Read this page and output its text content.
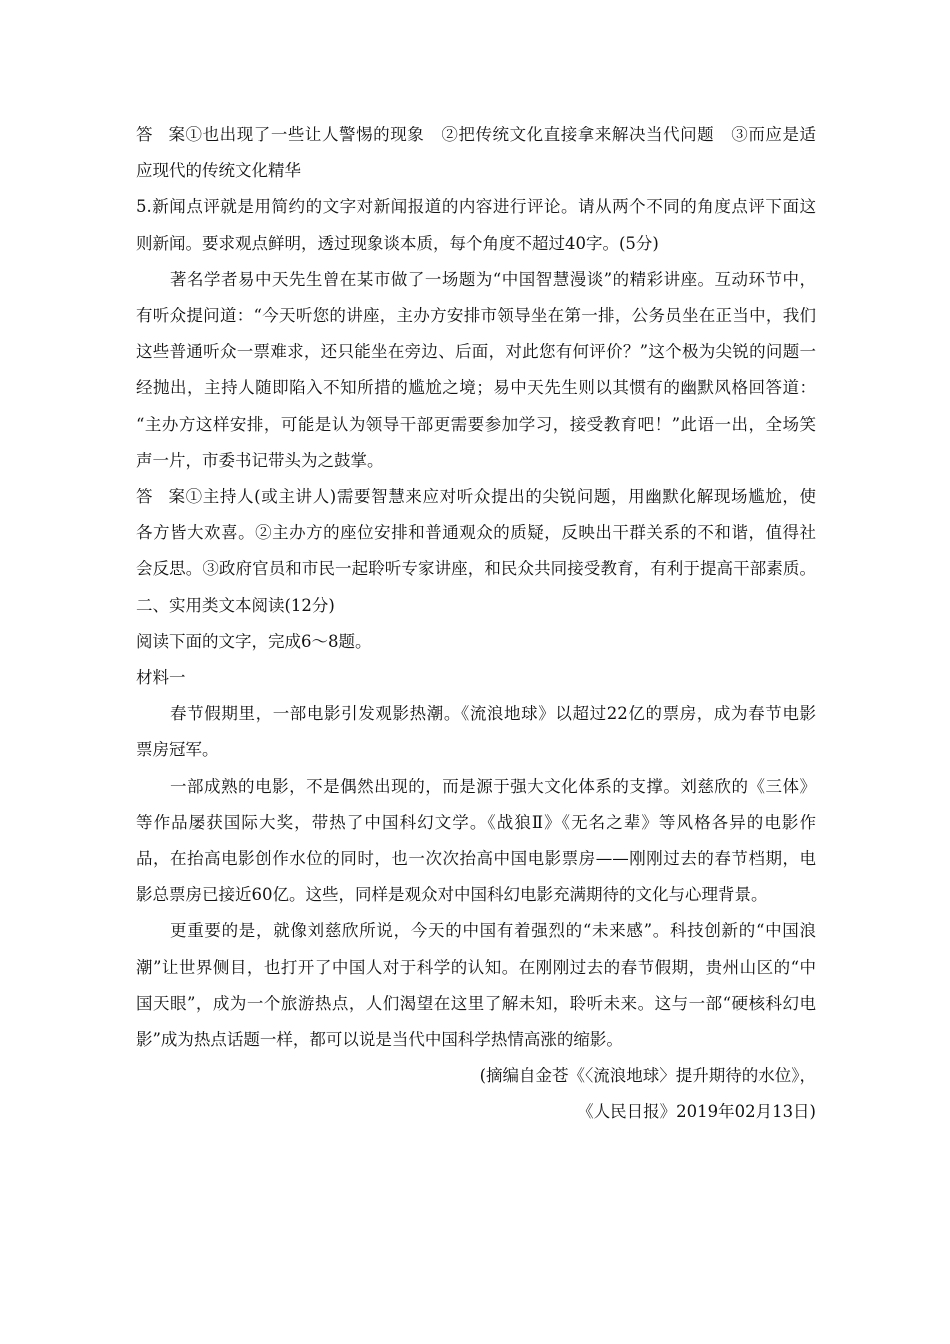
答案①也出现了一些让人警惕的现象　②把传统文化直接拿来解决当代问题　③而应是适
应现代的传统文化精华
5.新闻点评就是用简约的文字对新闻报道的内容进行评论。请从两个不同的角度点评下面这
则新闻。要求观点鲜明，透过现象谈本质，每个角度不超过40字。(5分)
著名学者易中天先生曾在某市做了一场题为“中国智慧漫谈”的精彩讲座。互动环节中，
有听众提问道：“今天听您的讲座，主办方安排市领导坐在第一排，公务员坐在正当中，我们
这些普通听众一票难求，还只能坐在旁边、后面，对此您有何评价？”这个极为尖锐的问题一
经抛出，主持人随即陷入不知所措的尴尬之境；易中天先生则以其惯有的幽默风格回答道：
“主办方这样安排，可能是认为领导干部更需要参加学习，接受教育吧！”此语一出，全场笑
声一片，市委书记带头为之鼓掌。
答案①主持人(或主讲人)需要智慧来应对听众提出的尖锐问题，用幽默化解现场尴尬，使
各方皆大欢喜。②主办方的座位安排和普通观众的质疑，反映出干群关系的不和谐，值得社
会反思。③政府官员和市民一起聆听专家讲座，和民众共同接受教育，有利于提高干部素质。
二、实用类文本阅读(12分)
阅读下面的文字，完成6～8题。
材料一
春节假期里，一部电影引发观影热潮。《流浪地球》以超过22亿的票房，成为春节电影
票房冠军。
一部成熟的电影，不是偶然出现的，而是源于强大文化体系的支撑。刘慈欣的《三体》
等作品屡获国际大奖，带热了中国科幻文学。《战狼Ⅱ》《无名之辈》等风格各异的电影作
品，在抬高电影创作水位的同时，也一次次抬高中国电影票房——刚刚过去的春节档期，电
影总票房已接近60亿。这些，同样是观众对中国科幻电影充满期待的文化与心理背景。
更重要的是，就像刘慈欣所说，今天的中国有着强烈的“未来感”。科技创新的“中国浪
潮”让世界侧目，也打开了中国人对于科学的认知。在刚刚过去的春节假期，贵州山区的“中
国天眼”，成为一个旅游热点，人们渴望在这里了解未知，聆听未来。这与一部“硬核科幻电
影”成为热点话题一样，都可以说是当代中国科学热情高涨的缩影。
(摘编自金苍《〈流浪地球〉提升期待的水位》，
《人民日报》2019年02月13日)
